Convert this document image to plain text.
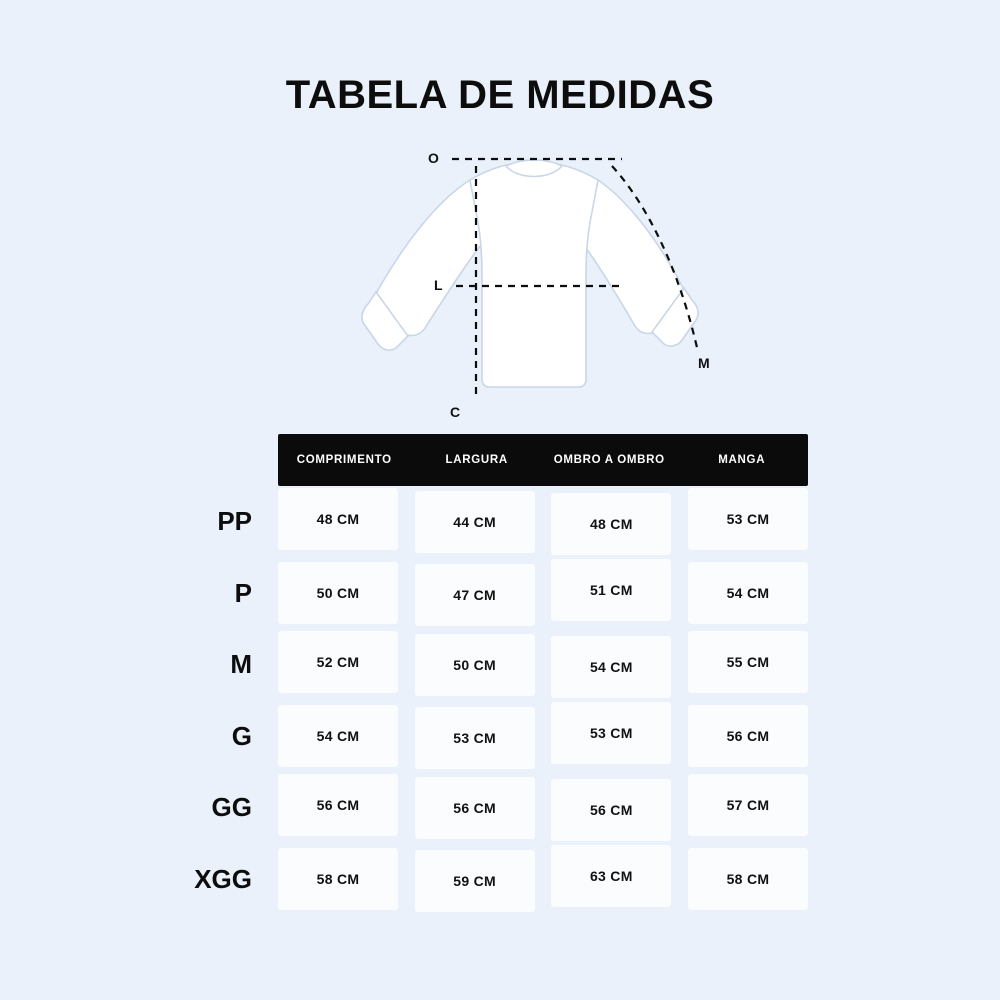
TABELA DE MEDIDAS
O
L
C
M
COMPRIMENTO	LARGURA	OMBRO A OMBRO	MANGA
PP	48 CM	44 CM	48 CM	53 CM
P	50 CM	47 CM	51 CM	54 CM
M	52 CM	50 CM	54 CM	55 CM
G	54 CM	53 CM	53 CM	56 CM
GG	56 CM	56 CM	56 CM	57 CM
XGG	58 CM	59 CM	63 CM	58 CM
